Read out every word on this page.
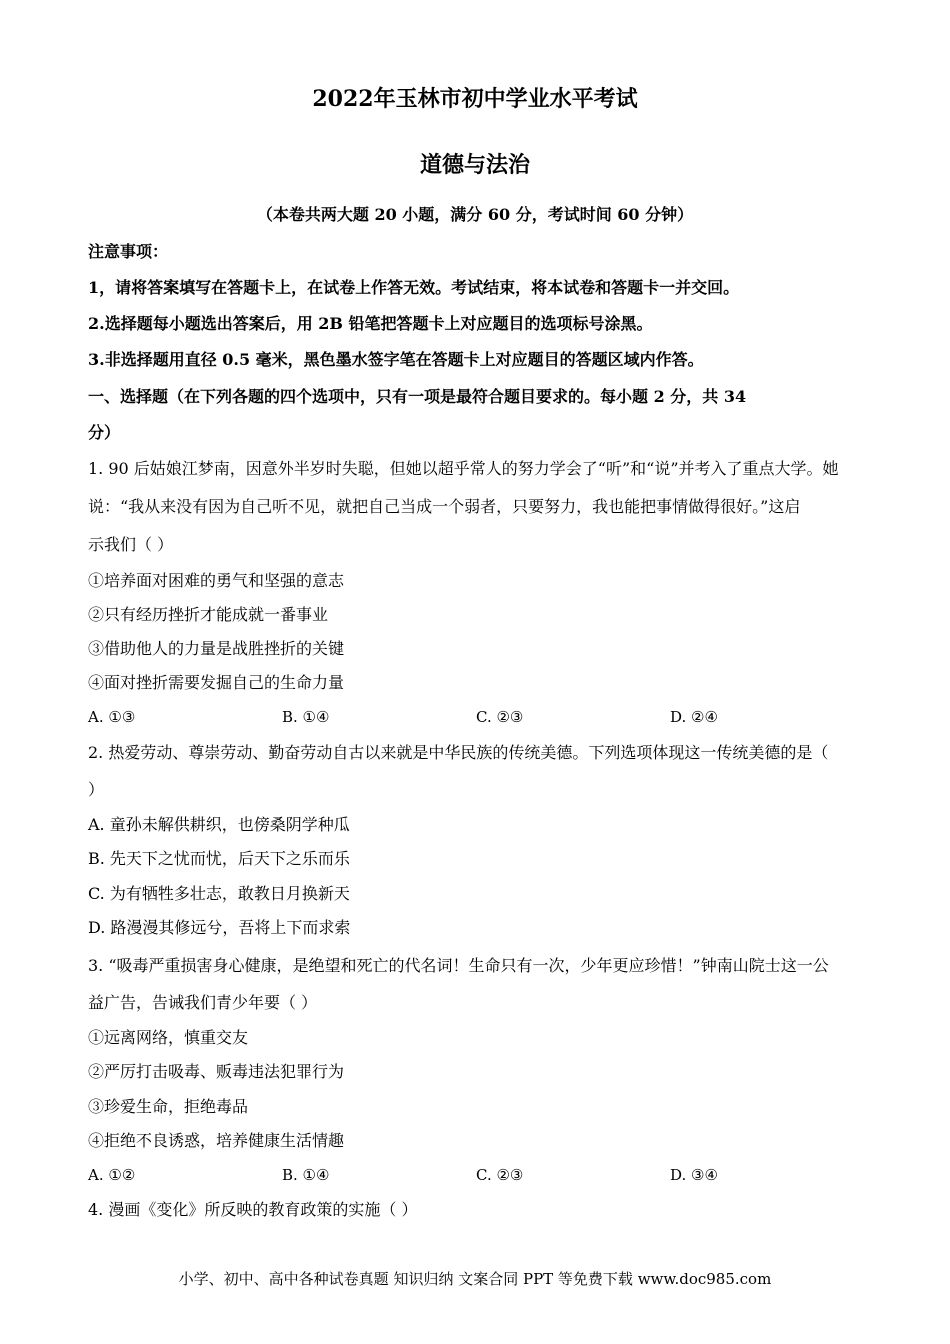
2022年玉林市初中学业水平考试
道德与法治
（本卷共两大题 20 小题，满分 60 分，考试时间 60 分钟）
注意事项：
1，请将答案填写在答题卡上，在试卷上作答无效。考试结束，将本试卷和答题卡一并交回。
2.选择题每小题选出答案后，用 2B 铅笔把答题卡上对应题目的选项标号涂黑。
3.非选择题用直径 0.5 毫米，黑色墨水签字笔在答题卡上对应题目的答题区域内作答。
一、选择题（在下列各题的四个选项中，只有一项是最符合题目要求的。每小题 2 分，共 34
分）
1. 90 后姑娘江梦南，因意外半岁时失聪，但她以超乎常人的努力学会了“听”和“说”并考入了重点大学。她
说：“我从来没有因为自己听不见，就把自己当成一个弱者，只要努力，我也能把事情做得很好。”这启
示我们（ ）
①培养面对困难的勇气和坚强的意志
②只有经历挫折才能成就一番事业
③借助他人的力量是战胜挫折的关键
④面对挫折需要发掘自己的生命力量
A. ①③	B. ①④	C. ②③	D. ②④
2. 热爱劳动、尊崇劳动、勤奋劳动自古以来就是中华民族的传统美德。下列选项体现这一传统美德的是（
）
A. 童孙未解供耕织，也傍桑阴学种瓜
B. 先天下之忧而忧，后天下之乐而乐
C. 为有牺牲多壮志，敢教日月换新天
D. 路漫漫其修远兮，吾将上下而求索
3. “吸毒严重损害身心健康，是绝望和死亡的代名词！生命只有一次，少年更应珍惜！”钟南山院士这一公
益广告，告诫我们青少年要（ ）
①远离网络，慎重交友
②严厉打击吸毒、贩毒违法犯罪行为
③珍爱生命，拒绝毒品
④拒绝不良诱惑，培养健康生活情趣
A. ①②	B. ①④	C. ②③	D. ③④
4. 漫画《变化》所反映的教育政策的实施（ ）
小学、初中、高中各种试卷真题 知识归纳 文案合同 PPT 等免费下载 www.doc985.com
